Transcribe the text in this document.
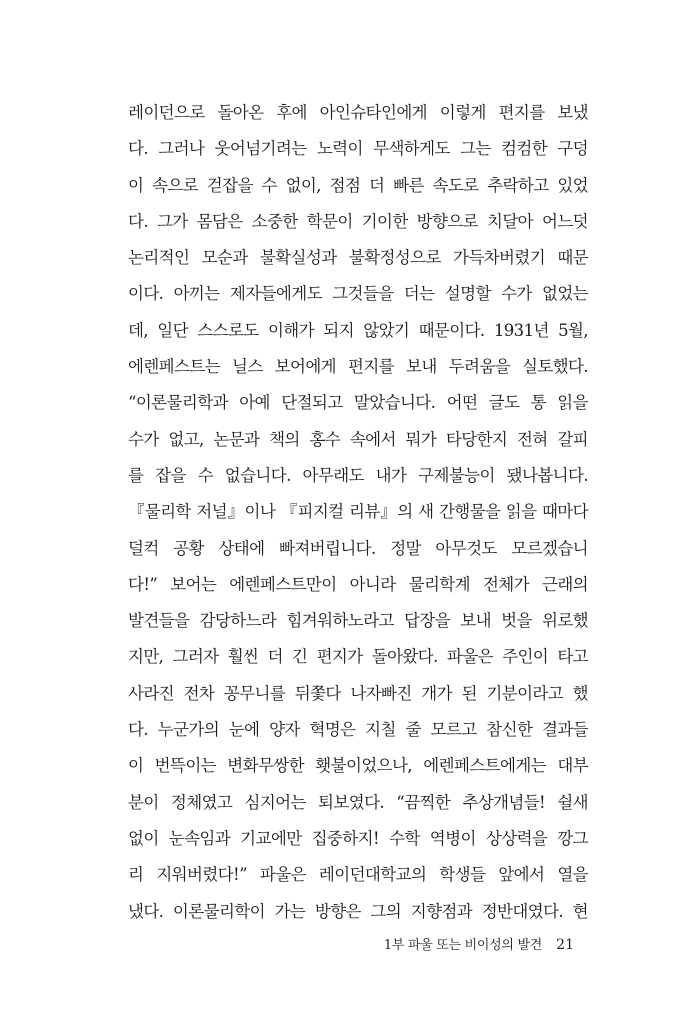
레이던으로 돌아온 후에 아인슈타인에게 이렇게 편지를 보냈
다. 그러나 웃어넘기려는 노력이 무색하게도 그는 컴컴한 구덩
이 속으로 걷잡을 수 없이, 점점 더 빠른 속도로 추락하고 있었
다. 그가 몸담은 소중한 학문이 기이한 방향으로 치달아 어느덧
논리적인 모순과 불확실성과 불확정성으로 가득차버렸기 때문
이다. 아끼는 제자들에게도 그것들을 더는 설명할 수가 없었는
데, 일단 스스로도 이해가 되지 않았기 때문이다. 1931년 5월,
에렌페스트는 닐스 보어에게 편지를 보내 두려움을 실토했다.
“이론물리학과 아예 단절되고 말았습니다. 어떤 글도 통 읽을
수가 없고, 논문과 책의 홍수 속에서 뭐가 타당한지 전혀 갈피
를 잡을 수 없습니다. 아무래도 내가 구제불능이 됐나봅니다.
『물리학 저널』이나 『피지컬 리뷰』의 새 간행물을 읽을 때마다
덜컥 공황 상태에 빠져버립니다. 정말 아무것도 모르겠습니
다!” 보어는 에렌페스트만이 아니라 물리학계 전체가 근래의
발견들을 감당하느라 힘겨워하노라고 답장을 보내 벗을 위로했
지만, 그러자 훨씬 더 긴 편지가 돌아왔다. 파울은 주인이 타고
사라진 전차 꽁무니를 뒤쫓다 나자빠진 개가 된 기분이라고 했
다. 누군가의 눈에 양자 혁명은 지칠 줄 모르고 참신한 결과들
이 번뜩이는 변화무쌍한 횃불이었으나, 에렌페스트에게는 대부
분이 정체였고 심지어는 퇴보였다. “끔찍한 추상개념들! 쉴새
없이 눈속임과 기교에만 집중하지! 수학 역병이 상상력을 깡그
리 지워버렸다!” 파울은 레이던대학교의 학생들 앞에서 열을
냈다. 이론물리학이 가는 방향은 그의 지향점과 정반대였다. 현
1부 파울 또는 비이성의 발견 21
